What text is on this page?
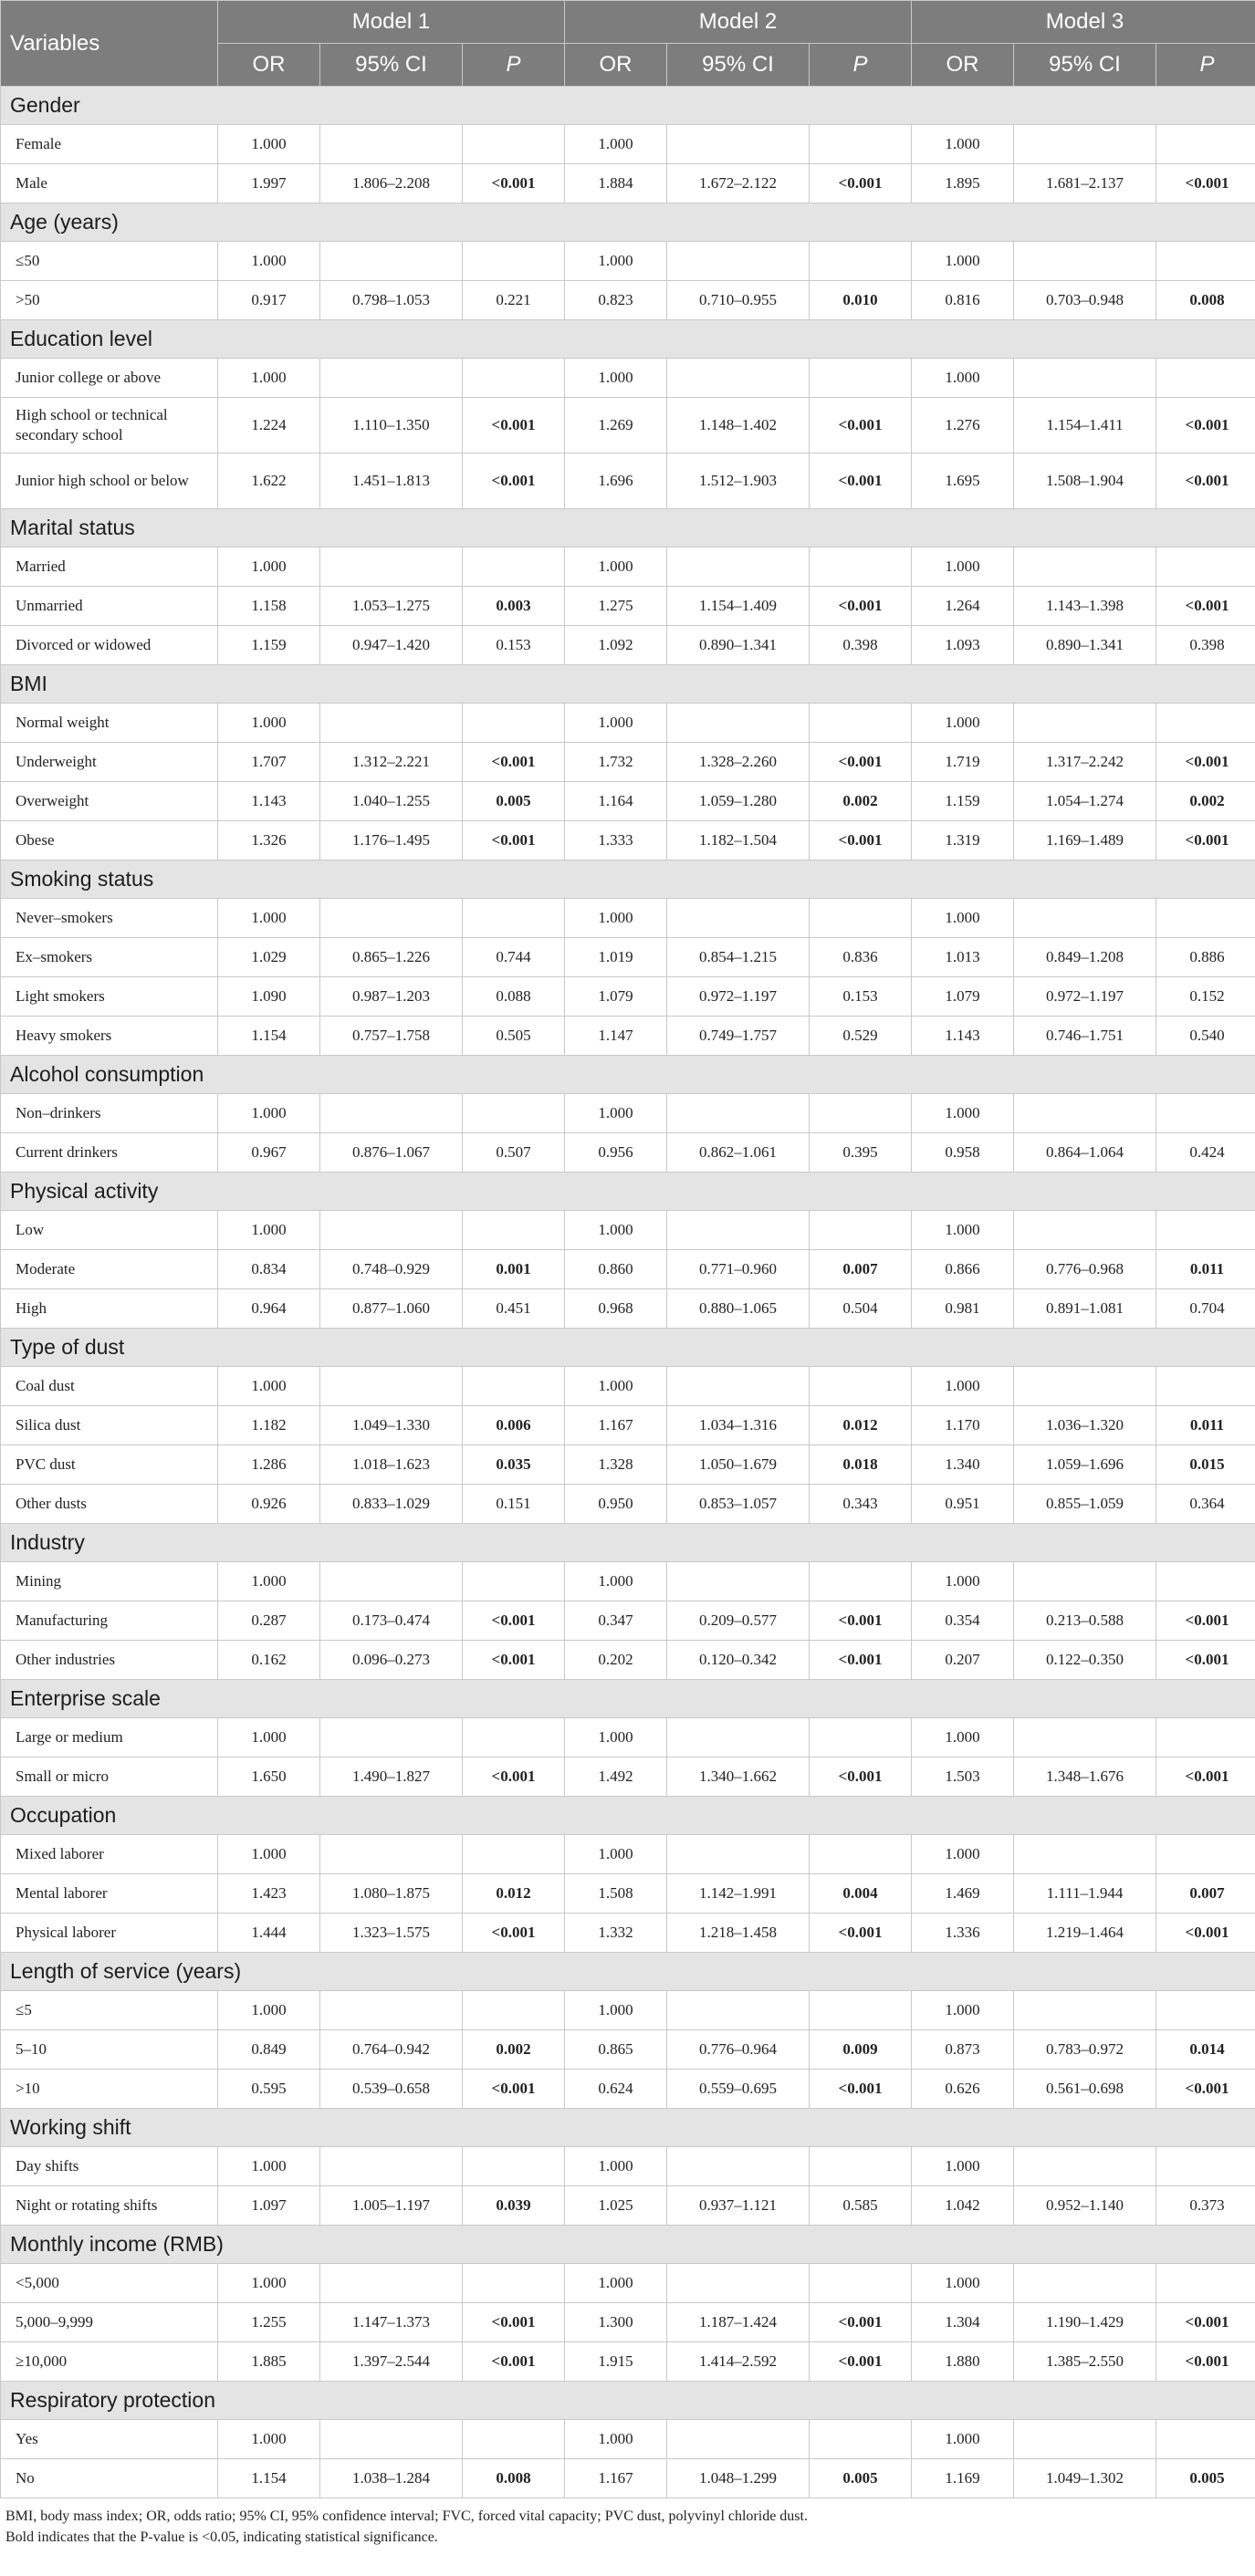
Variables	Model 1			Model 2			Model 3		
	OR	95% CI	P	OR	95% CI	P	OR	95% CI	P
Gender									
Female	1.000			1.000			1.000		
Male	1.997	1.806–2.208	<0.001	1.884	1.672–2.122	<0.001	1.895	1.681–2.137	<0.001
Age (years)									
≤50	1.000			1.000			1.000		
>50	0.917	0.798–1.053	0.221	0.823	0.710–0.955	0.010	0.816	0.703–0.948	0.008
Education level									
Junior college or above	1.000			1.000			1.000		
High school or technical secondary school	1.224	1.110–1.350	<0.001	1.269	1.148–1.402	<0.001	1.276	1.154–1.411	<0.001
Junior high school or below	1.622	1.451–1.813	<0.001	1.696	1.512–1.903	<0.001	1.695	1.508–1.904	<0.001
Marital status									
Married	1.000			1.000			1.000		
Unmarried	1.158	1.053–1.275	0.003	1.275	1.154–1.409	<0.001	1.264	1.143–1.398	<0.001
Divorced or widowed	1.159	0.947–1.420	0.153	1.092	0.890–1.341	0.398	1.093	0.890–1.341	0.398
BMI									
Normal weight	1.000			1.000			1.000		
Underweight	1.707	1.312–2.221	<0.001	1.732	1.328–2.260	<0.001	1.719	1.317–2.242	<0.001
Overweight	1.143	1.040–1.255	0.005	1.164	1.059–1.280	0.002	1.159	1.054–1.274	0.002
Obese	1.326	1.176–1.495	<0.001	1.333	1.182–1.504	<0.001	1.319	1.169–1.489	<0.001
Smoking status									
Never–smokers	1.000			1.000			1.000		
Ex–smokers	1.029	0.865–1.226	0.744	1.019	0.854–1.215	0.836	1.013	0.849–1.208	0.886
Light smokers	1.090	0.987–1.203	0.088	1.079	0.972–1.197	0.153	1.079	0.972–1.197	0.152
Heavy smokers	1.154	0.757–1.758	0.505	1.147	0.749–1.757	0.529	1.143	0.746–1.751	0.540
Alcohol consumption									
Non–drinkers	1.000			1.000			1.000		
Current drinkers	0.967	0.876–1.067	0.507	0.956	0.862–1.061	0.395	0.958	0.864–1.064	0.424
Physical activity									
Low	1.000			1.000			1.000		
Moderate	0.834	0.748–0.929	0.001	0.860	0.771–0.960	0.007	0.866	0.776–0.968	0.011
High	0.964	0.877–1.060	0.451	0.968	0.880–1.065	0.504	0.981	0.891–1.081	0.704
Type of dust									
Coal dust	1.000			1.000			1.000		
Silica dust	1.182	1.049–1.330	0.006	1.167	1.034–1.316	0.012	1.170	1.036–1.320	0.011
PVC dust	1.286	1.018–1.623	0.035	1.328	1.050–1.679	0.018	1.340	1.059–1.696	0.015
Other dusts	0.926	0.833–1.029	0.151	0.950	0.853–1.057	0.343	0.951	0.855–1.059	0.364
Industry									
Mining	1.000			1.000			1.000		
Manufacturing	0.287	0.173–0.474	<0.001	0.347	0.209–0.577	<0.001	0.354	0.213–0.588	<0.001
Other industries	0.162	0.096–0.273	<0.001	0.202	0.120–0.342	<0.001	0.207	0.122–0.350	<0.001
Enterprise scale									
Large or medium	1.000			1.000			1.000		
Small or micro	1.650	1.490–1.827	<0.001	1.492	1.340–1.662	<0.001	1.503	1.348–1.676	<0.001
Occupation									
Mixed laborer	1.000			1.000			1.000		
Mental laborer	1.423	1.080–1.875	0.012	1.508	1.142–1.991	0.004	1.469	1.111–1.944	0.007
Physical laborer	1.444	1.323–1.575	<0.001	1.332	1.218–1.458	<0.001	1.336	1.219–1.464	<0.001
Length of service (years)									
≤5	1.000			1.000			1.000		
5–10	0.849	0.764–0.942	0.002	0.865	0.776–0.964	0.009	0.873	0.783–0.972	0.014
>10	0.595	0.539–0.658	<0.001	0.624	0.559–0.695	<0.001	0.626	0.561–0.698	<0.001
Working shift									
Day shifts	1.000			1.000			1.000		
Night or rotating shifts	1.097	1.005–1.197	0.039	1.025	0.937–1.121	0.585	1.042	0.952–1.140	0.373
Monthly income (RMB)									
<5,000	1.000			1.000			1.000		
5,000–9,999	1.255	1.147–1.373	<0.001	1.300	1.187–1.424	<0.001	1.304	1.190–1.429	<0.001
≥10,000	1.885	1.397–2.544	<0.001	1.915	1.414–2.592	<0.001	1.880	1.385–2.550	<0.001
Respiratory protection									
Yes	1.000			1.000			1.000		
No	1.154	1.038–1.284	0.008	1.167	1.048–1.299	0.005	1.169	1.049–1.302	0.005
BMI, body mass index; OR, odds ratio; 95% CI, 95% confidence interval; FVC, forced vital capacity; PVC dust, polyvinyl chloride dust.
Bold indicates that the P-value is <0.05, indicating statistical significance.
